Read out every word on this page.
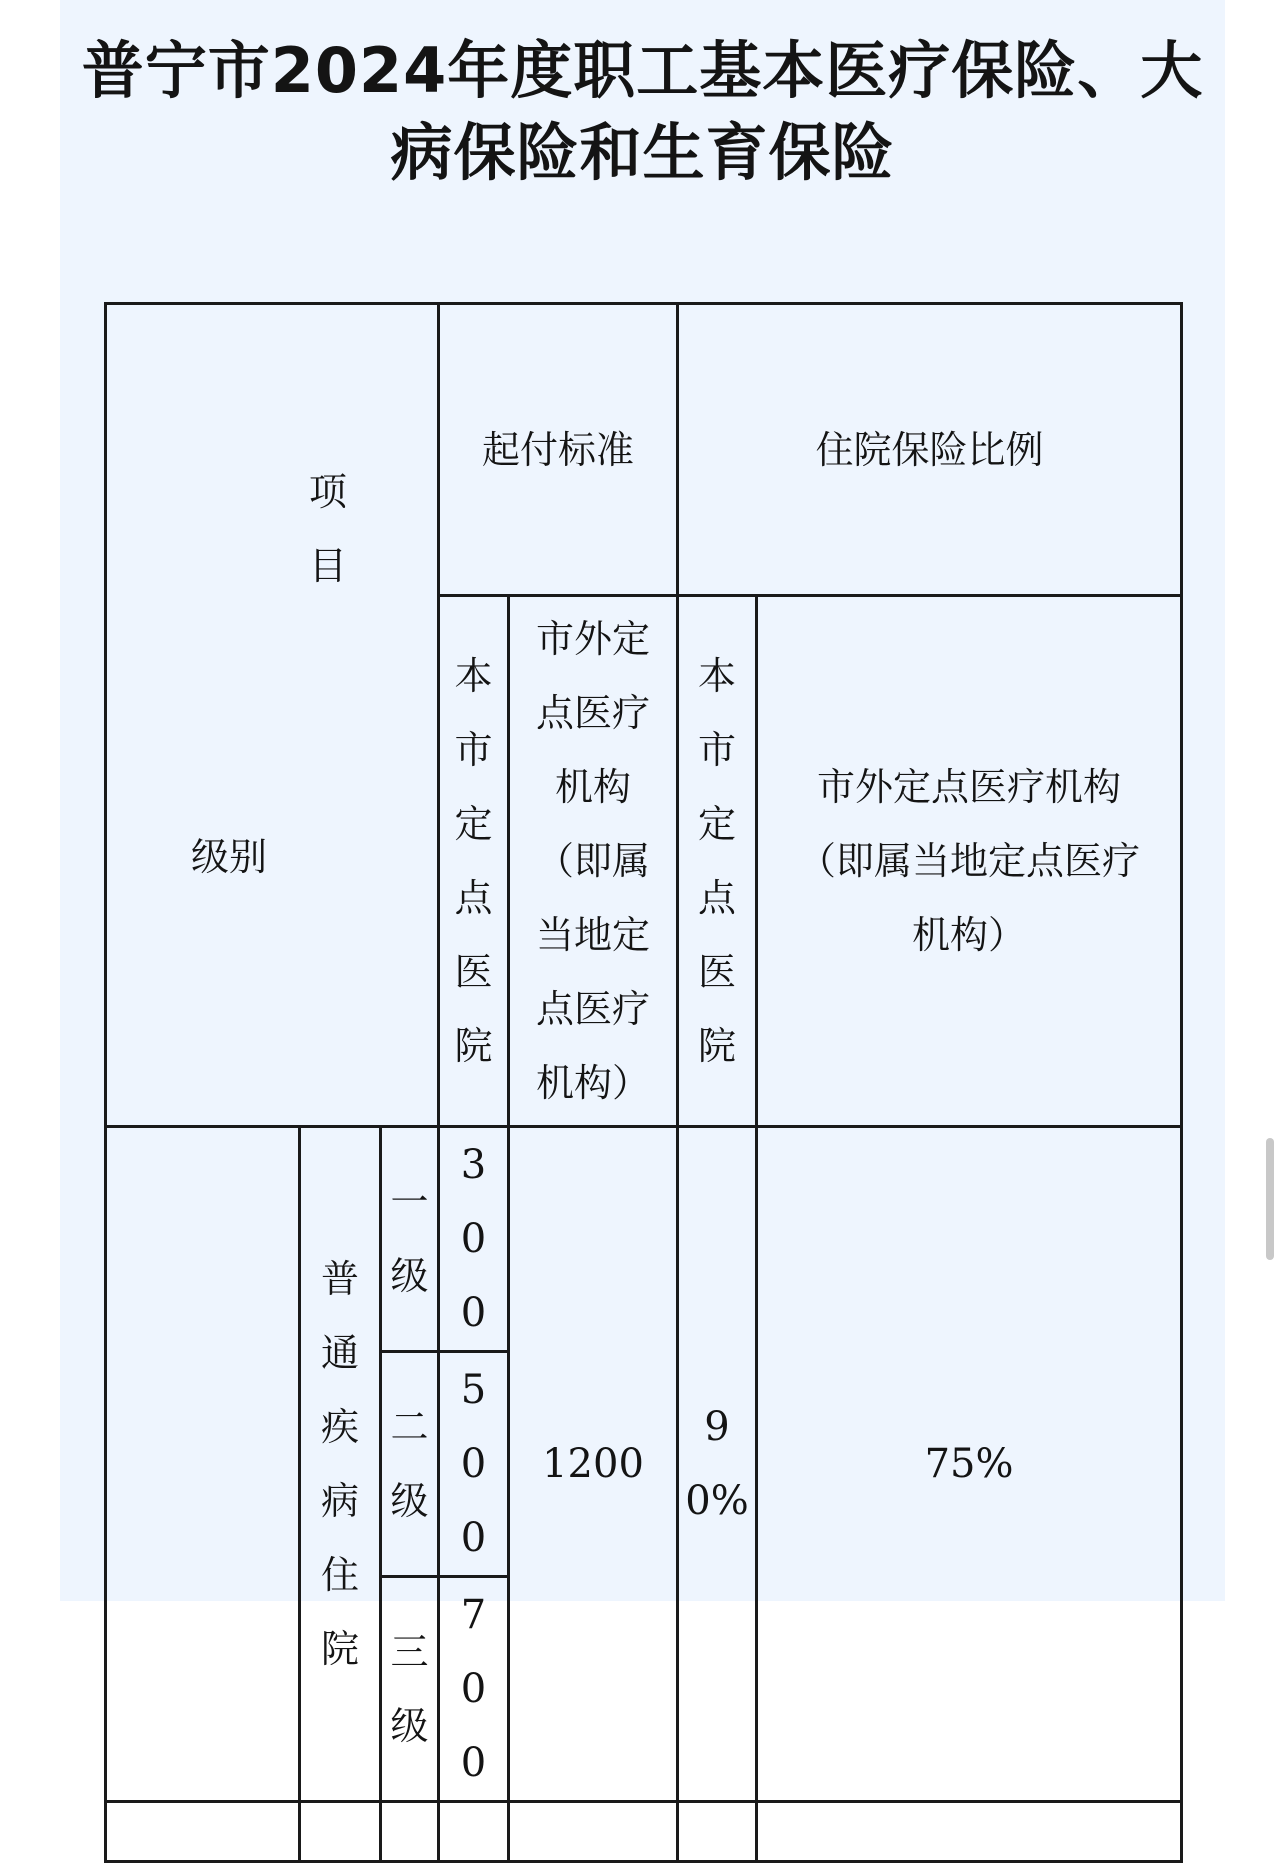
普宁市2024年度职工基本医疗保险、大病保险和生育保险
项目
级别			起付标准		住院保险比例	

			本市定点医院	市外定点医疗机构（即属当地定点医疗机构）	本市定点医院	市外定点医疗机构（即属当地定点医疗机构）

	普通疾病住院	一级	300	1200	90%	75%

		二级	500			

		三级	700			
